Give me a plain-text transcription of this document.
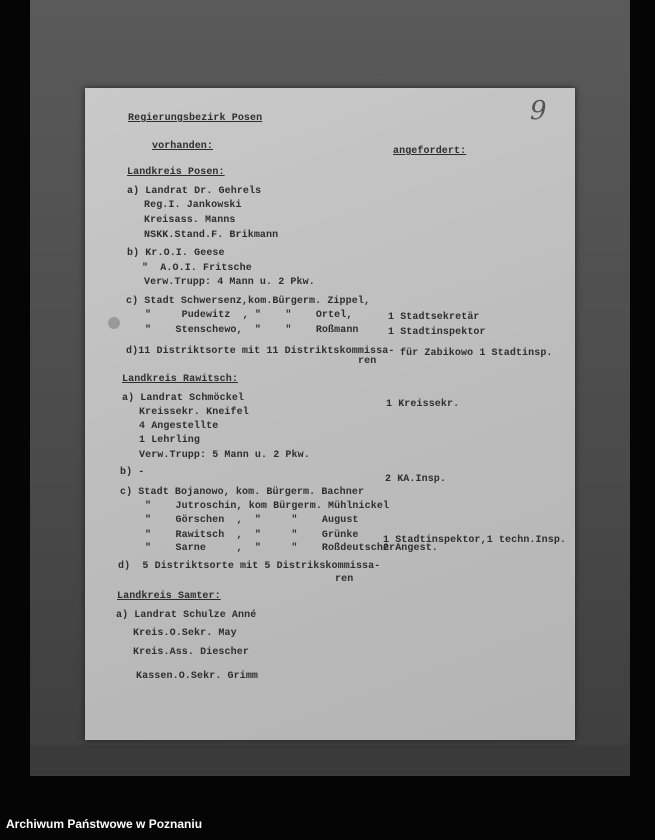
9
Regierungsbezirk Posen
vorhanden:	angefordert:
Landkreis Posen:
a) Landrat Dr. Gehrels
Reg.I. Jankowski
Kreisass. Manns
NSKK.Stand.F. Brikmann
b) Kr.O.I. Geese
"  A.O.I. Fritsche
Verw.Trupp: 4 Mann u. 2 Pkw.
c) Stadt Schwersenz,kom.Bürgerm. Zippel,
"     Pudewitz  , "    "    Ortel,
"    Stenschewo,  "    "    Roßmann
d)11 Distriktsorte mit 11 Distriktskommissa-
ren
1 Stadtsekretär
1 Stadtinspektor
für Zabikowo 1 Stadtinsp.
Landkreis Rawitsch:
a) Landrat Schmöckel
Kreissekr. Kneifel
4 Angestellte
1 Lehrling
Verw.Trupp: 5 Mann u. 2 Pkw.
b) -
c) Stadt Bojanowo, kom. Bürgerm. Bachner
"    Jutroschin, kom Bürgerm. Mühlnickel
"    Görschen  ,  "     "    August
"    Rawitsch  ,  "     "    Grünke
"    Sarne     ,  "     "    Roßdeutscher
d)  5 Distriktsorte mit 5 Distrikskommissa-
ren
1 Kreissekr.
2 KA.Insp.
1 Stadtinspektor,1 techn.Insp.
2 Angest.
Landkreis Samter:
a) Landrat Schulze Anné
Kreis.O.Sekr. May
Kreis.Ass. Diescher
Kassen.O.Sekr. Grimm
Archiwum Państwowe w Poznaniu
